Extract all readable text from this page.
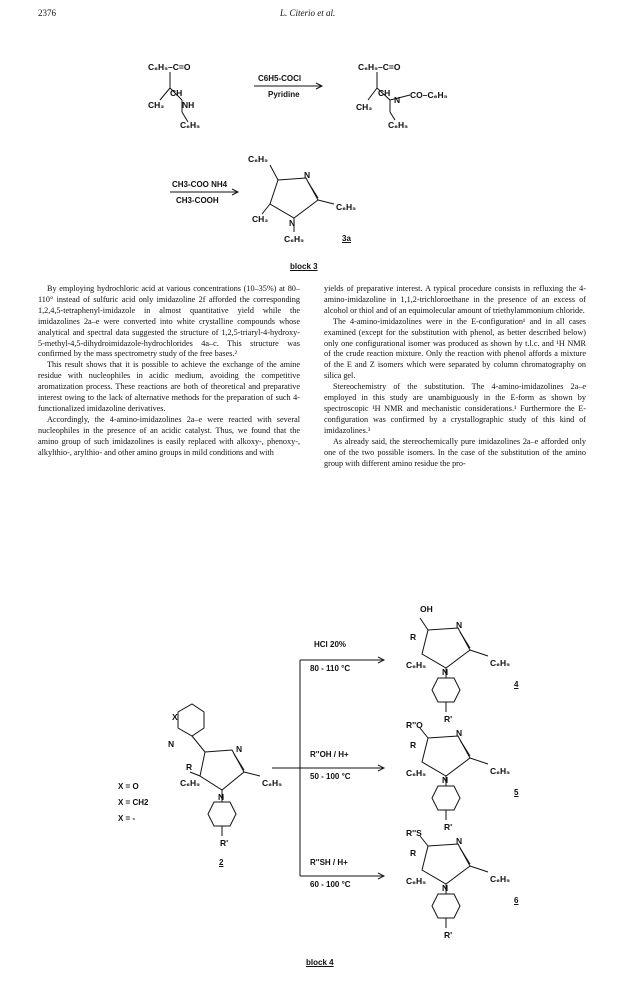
2376	L. Citerio et al.
C₆H₅–C=O
CH
CH₃ NH
C₆H₅
C₆H₅–C=O
CH
CH₃
N CO–C₆H₅
C₆H₅
C₆H₅
N
C₆H₅
CH₃ N
C₆H₅
N
X
R
N
C₆H₅	C₆H₅
N
R'
OH
R
N
C₆H₅	C₆H₅
N
R'
R''O
R
N
C₆H₅	C₆H₅
N
R'
R''S
R
N
C₆H₅	C₆H₅
N
R'
C6H5-COCl
Pyridine
CH3-COO NH4
CH3-COOH
3a
block 3

By employing hydrochloric acid at various concentrations (10–35%) at 80–110° instead of sulfuric acid only imidazoline 2f afforded the corresponding 1,2,4,5-tetraphenyl-imidazole in almost quantitative yield while the imidazolines 2a–e were converted into white crystalline compounds whose analytical and spectral data suggested the structure of 1,2,5-triaryl-4-hydroxy-5-methyl-4,5-dihydroimidazole-hydrochlorides 4a–c. This structure was confirmed by the mass spectrometry study of the free bases.²

This result shows that it is possible to achieve the exchange of the amine residue with nucleophiles in acidic medium, avoiding the competitive aromatization process. These reactions are both of theoretical and preparative interest owing to the lack of alternative methods for the preparation of such 4-functionalized imidazoline derivatives.

Accordingly, the 4-amino-imidazolines 2a–e were reacted with several nucleophiles in the presence of an acidic catalyst. Thus, we found that the amino group of such imidazolines is easily replaced with alkoxy-, phenoxy-, alkylthio-, arylthio- and other amino groups in mild conditions and with

yields of preparative interest. A typical procedure consists in refluxing the 4-amino-imidazoline in 1,1,2-trichloroethane in the presence of an excess of alcohol or thiol and of an equimolecular amount of triethylammonium chloride.

The 4-amino-imidazolines were in the E-configuration¹ and in all cases examined (except for the substitution with phenol, as better described below) only one configurational isomer was produced as shown by t.l.c. and ¹H NMR of the crude reaction mixture. Only the reaction with phenol affords a mixture of the E and Z isomers which were separated by column chromatography on silica gel.

Stereochemistry of the substitution. The 4-amino-imidazolines 2a–e employed in this study are unambiguously in the E-form as shown by spectroscopic ¹H NMR and mechanistic considerations.¹ Furthermore the E-configuration was confirmed by a crystallographic study of this kind of imidazolines.³

As already said, the stereochemically pure imidazolines 2a–e afforded only one of the two possible isomers. In the case of the substitution of the amino group with different amino residue the pro-

X = O
X = CH2
X = -
2
HCl 20%
80 - 110 °C
R''OH / H+
50 - 100 °C
R''SH / H+
60 - 100 °C
4
5
6
block 4
